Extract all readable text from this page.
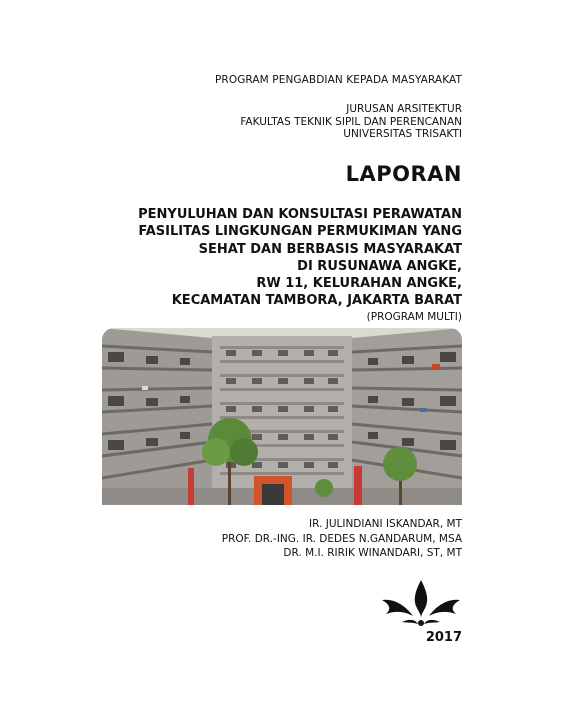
PROGRAM PENGABDIAN KEPADA MASYARAKAT
JURUSAN ARSITEKTUR
FAKULTAS TEKNIK SIPIL DAN PERENCANAN
UNIVERSITAS TRISAKTI
LAPORAN
PENYULUHAN DAN KONSULTASI PERAWATAN
FASILITAS LINGKUNGAN PERMUKIMAN YANG
SEHAT DAN BERBASIS MASYARAKAT
DI RUSUNAWA ANGKE,
RW 11, KELURAHAN ANGKE,
KECAMATAN TAMBORA, JAKARTA BARAT
(PROGRAM MULTI)
IR. JULINDIANI ISKANDAR, MT
PROF. DR.-ING. IR. DEDES N.GANDARUM, MSA
DR. M.I. RIRIK WINANDARI, ST, MT
2017
